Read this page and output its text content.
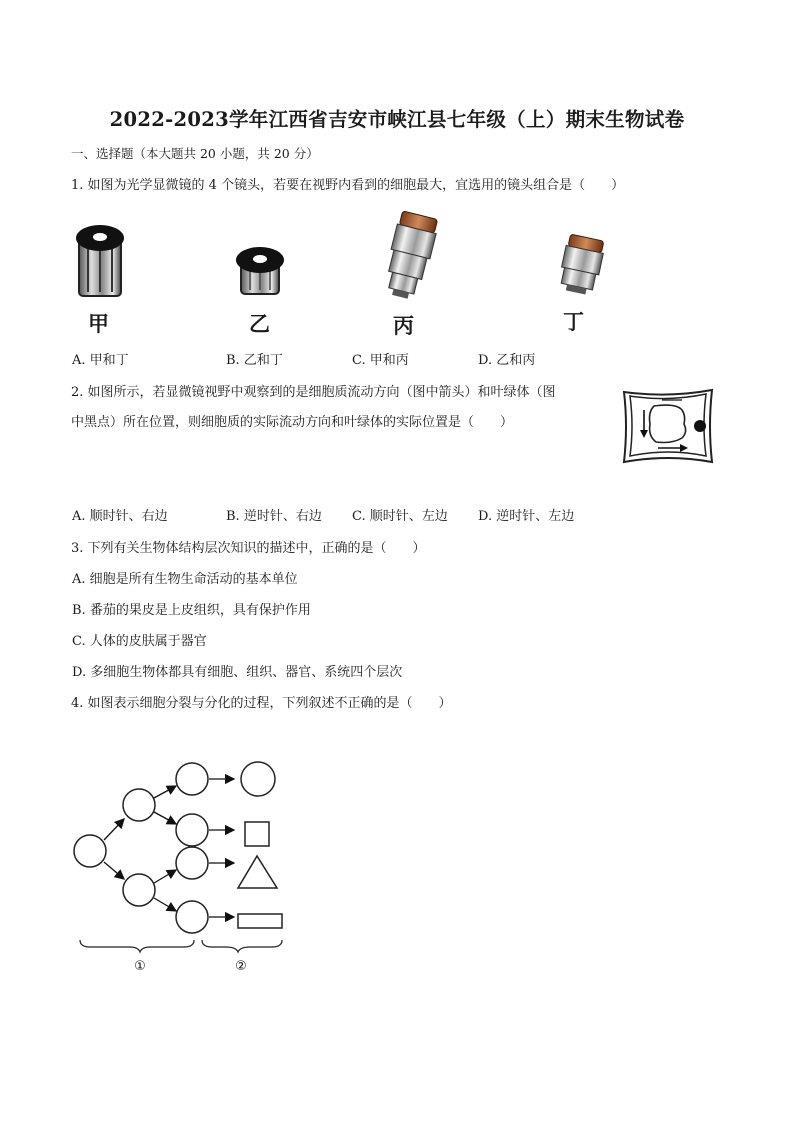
2022-2023学年江西省吉安市峡江县七年级（上）期末生物试卷
一、选择题（本大题共 20 小题，共 20 分）
1. 如图为光学显微镜的 4 个镜头，若要在视野内看到的细胞最大，宜选用的镜头组合是（　　）
甲	乙	丙	丁
A. 甲和丁	B. 乙和丁	C. 甲和丙	D. 乙和丙
2. 如图所示，若显微镜视野中观察到的是细胞质流动方向（图中箭头）和叶绿体（图
中黑点）所在位置，则细胞质的实际流动方向和叶绿体的实际位置是（　　）
A. 顺时针、右边	B. 逆时针、右边 C. 顺时针、左边 D. 逆时针、左边
3. 下列有关生物体结构层次知识的描述中，正确的是（　　）
A. 细胞是所有生物生命活动的基本单位
B. 番茄的果皮是上皮组织，具有保护作用
C. 人体的皮肤属于器官
D. 多细胞生物体都具有细胞、组织、器官、系统四个层次
4. 如图表示细胞分裂与分化的过程，下列叙述不正确的是（　　）
①	②
